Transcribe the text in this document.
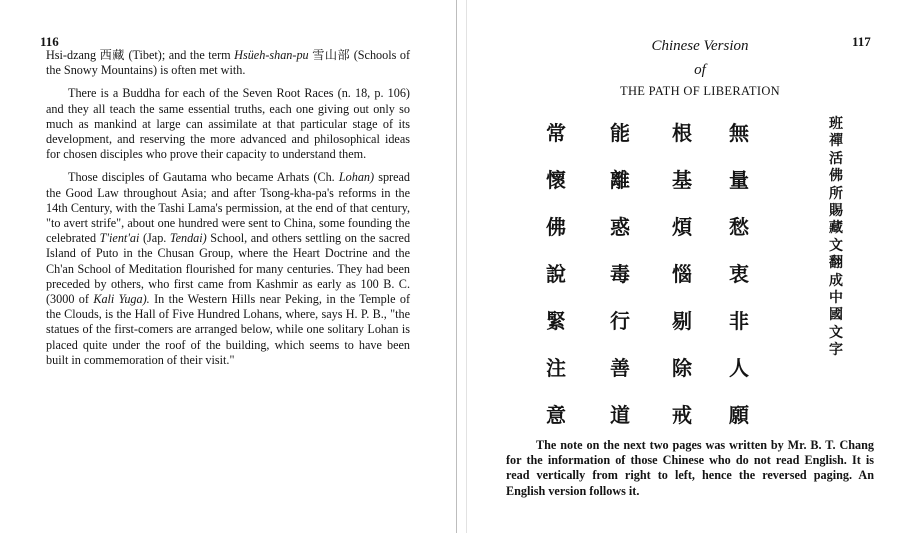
116

Hsi-dzang 西藏 (Tibet); and the term Hsüeh-shan-pu 雪山部 (Schools of the Snowy Mountains) is often met with.

There is a Buddha for each of the Seven Root Races (n. 18, p. 106) and they all teach the same essential truths, each one giving out only so much as mankind at large can assimilate at that particular stage of its development, and reserving the more advanced and philosophical ideas for chosen disciples who prove their capacity to understand them.

Those disciples of Gautama who became Arhats (Ch. Lohan) spread the Good Law throughout Asia; and after Tsong-kha-pa's reforms in the 14th Century, with the Tashi Lama's permission, at the end of that century, "to avert strife", about one hundred were sent to China, some founding the celebrated T'ient'ai (Jap. Tendai) School, and others settling on the sacred Island of Puto in the Chusan Group, where the Heart Doctrine and the Ch'an School of Meditation flourished for many centuries. They had been preceded by others, who first came from Kashmir as early as 100 B. C. (3000 of Kali Yuga). In the Western Hills near Peking, in the Temple of the Clouds, is the Hall of Five Hundred Lohans, where, says H. P. B., "the statues of the first-comers are arranged below, while one solitary Lohan is placed quite under the roof of the building, which seems to have been built in commemoration of their visit."

117
Chinese Version
of
THE PATH OF LIBERATION
常
懷
佛
說
緊
注
意
能
離
惑
毒
行
善
道
根
基
煩
惱
剔
除
戒
無
量
愁
衷
非
人
願
班
禪
活
佛
所
賜
藏
文
翻
成
中
國
文
字
The note on the next two pages was written by Mr. B. T. Chang for the information of those Chinese who do not read English. It is read vertically from right to left, hence the reversed paging. An English version follows it.
